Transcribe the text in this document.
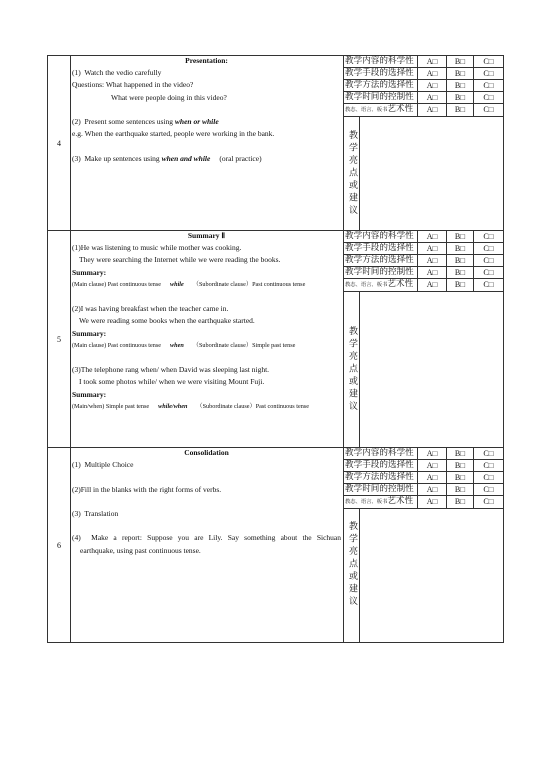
4
Presentation:
(1)  Watch the vedio carefully
Questions: What happened in the video?
What were people doing in this video?
(2)  Present some sentences using when or while
e.g. When the earthquake started, people were working in the bank.
(3)  Make up sentences using when and while (oral practice)
教学内容的科学性	A□	B□	C□
教学手段的选择性	A□	B□	C□
教学方法的选择性	A□	B□	C□
教学时间的控制性	A□	B□	C□
教态、语言、板书艺术性	A□	B□	C□
教学亮点或建议
5
Summary Ⅱ
(1)He was listening to music while mother was cooking.
They were searching the Internet while we were reading the books.
Summary:
(Main clause) Past continuous tense while （Subordinate clause）Past continuous tense
(2)I was having breakfast when the teacher came in.
We were reading some books when the earthquake started.
Summary:
(Main clause) Past continuous tense when （Subordinate clause）Simple past tense
(3)The telephone rang when/ when David was sleeping last night.
I took some photos while/ when we were visiting Mount Fuji.
Summary:
(Main/when) Simple past tense while/when （Subordinate clause）Past continuous tense
教学内容的科学性	A□	B□	C□
教学手段的选择性	A□	B□	C□
教学方法的选择性	A□	B□	C□
教学时间的控制性	A□	B□	C□
教态、语言、板书艺术性	A□	B□	C□
教学亮点或建议
6
Consolidation
(1)  Multiple Choice
(2)Fill in the blanks with the right forms of verbs.
(3)  Translation
(4)  Make a report: Suppose you are Lily. Say something about the Sichuan
earthquake, using past continuous tense.
教学内容的科学性	A□	B□	C□
教学手段的选择性	A□	B□	C□
教学方法的选择性	A□	B□	C□
教学时间的控制性	A□	B□	C□
教态、语言、板书艺术性	A□	B□	C□
教学亮点或建议
